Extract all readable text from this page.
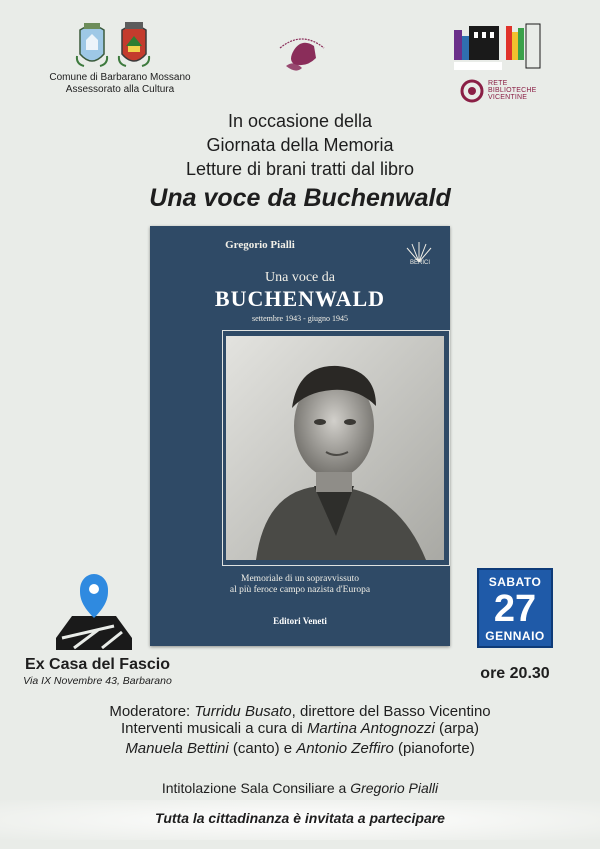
Comune di Barbarano Mossano
Assessorato alla Cultura
RETE
BIBLIOTECHE
VICENTINE
In occasione della
Giornata della Memoria
Letture di brani tratti dal libro
Una voce da Buchenwald
Gregorio Pialli
BERICI
Una voce da
BUCHENWALD
settembre 1943 - giugno 1945
Memoriale di un sopravvissuto
al più feroce campo nazista d'Europa
Editori Veneti
Ex Casa del Fascio
Via IX Novembre 43, Barbarano
SABATO
27
GENNAIO
ore 20.30
Moderatore: Turridu Busato, direttore del Basso Vicentino
Interventi musicali a cura di Martina Antognozzi (arpa)
Manuela Bettini (canto) e Antonio Zeffiro (pianoforte)
Intitolazione Sala Consiliare a Gregorio Pialli
Tutta la cittadinanza è invitata a partecipare
